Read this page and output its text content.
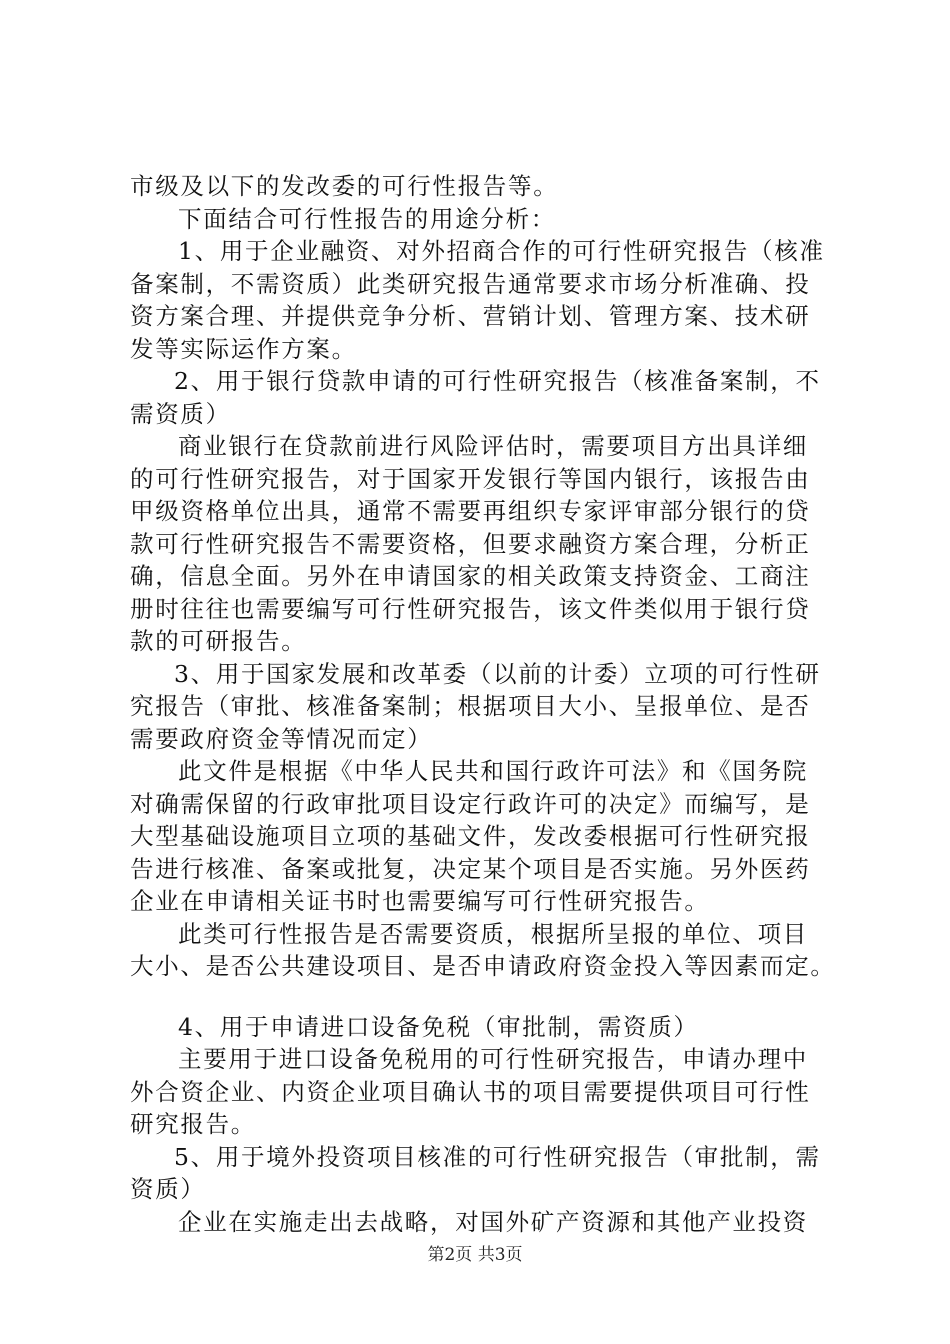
市级及以下的发改委的可行性报告等。
下面结合可行性报告的用途分析：
1、用于企业融资、对外招商合作的可行性研究报告（核准
备案制，不需资质）此类研究报告通常要求市场分析准确、投
资方案合理、并提供竞争分析、营销计划、管理方案、技术研
发等实际运作方案。
2、用于银行贷款申请的可行性研究报告（核准备案制，不
需资质）
商业银行在贷款前进行风险评估时，需要项目方出具详细
的可行性研究报告，对于国家开发银行等国内银行，该报告由
甲级资格单位出具，通常不需要再组织专家评审部分银行的贷
款可行性研究报告不需要资格，但要求融资方案合理，分析正
确，信息全面。另外在申请国家的相关政策支持资金、工商注
册时往往也需要编写可行性研究报告，该文件类似用于银行贷
款的可研报告。
3、用于国家发展和改革委（以前的计委）立项的可行性研
究报告（审批、核准备案制；根据项目大小、呈报单位、是否
需要政府资金等情况而定）
此文件是根据《中华人民共和国行政许可法》和《国务院
对确需保留的行政审批项目设定行政许可的决定》而编写，是
大型基础设施项目立项的基础文件，发改委根据可行性研究报
告进行核准、备案或批复，决定某个项目是否实施。另外医药
企业在申请相关证书时也需要编写可行性研究报告。
此类可行性报告是否需要资质，根据所呈报的单位、项目
大小、是否公共建设项目、是否申请政府资金投入等因素而定。
4、用于申请进口设备免税（审批制，需资质）
主要用于进口设备免税用的可行性研究报告，申请办理中
外合资企业、内资企业项目确认书的项目需要提供项目可行性
研究报告。
5、用于境外投资项目核准的可行性研究报告（审批制，需
资质）
企业在实施走出去战略，对国外矿产资源和其他产业投资
第2页 共3页
